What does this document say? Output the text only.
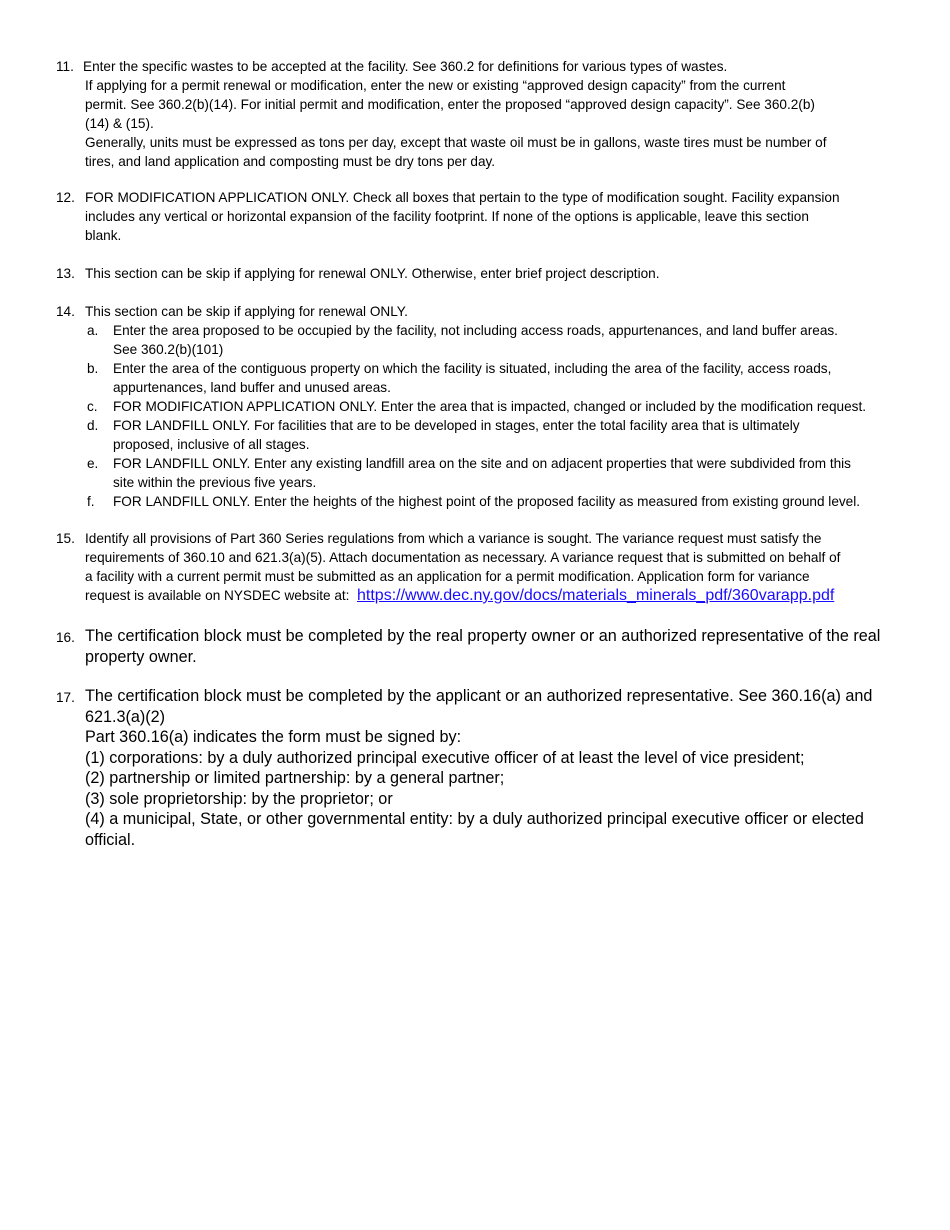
11. Enter the specific wastes to be accepted at the facility. See 360.2 for definitions for various types of wastes.
If applying for a permit renewal or modification, enter the new or existing “approved design capacity” from the current
permit. See 360.2(b)(14). For initial permit and modification, enter the proposed “approved design capacity”. See 360.2(b)
(14) & (15).
Generally, units must be expressed as tons per day, except that waste oil must be in gallons, waste tires must be number of
tires, and land application and composting must be dry tons per day.
12. FOR MODIFICATION APPLICATION ONLY. Check all boxes that pertain to the type of modification sought. Facility expansion
includes any vertical or horizontal expansion of the facility footprint. If none of the options is applicable, leave this section
blank.
13. This section can be skip if applying for renewal ONLY. Otherwise, enter brief project description.
14. This section can be skip if applying for renewal ONLY.
a.	Enter the area proposed to be occupied by the facility, not including access roads, appurtenances, and land buffer areas.
See 360.2(b)(101)
b.	Enter the area of the contiguous property on which the facility is situated, including the area of the facility, access roads,
appurtenances, land buffer and unused areas.
c.	FOR MODIFICATION APPLICATION ONLY. Enter the area that is impacted, changed or included by the modification request.
d.	FOR LANDFILL ONLY. For facilities that are to be developed in stages, enter the total facility area that is ultimately
proposed, inclusive of all stages.
e.	FOR LANDFILL ONLY. Enter any existing landfill area on the site and on adjacent properties that were subdivided from this
site within the previous five years.
f.	FOR LANDFILL ONLY. Enter the heights of the highest point of the proposed facility as measured from existing ground level.
15. Identify all provisions of Part 360 Series regulations from which a variance is sought. The variance request must satisfy the
requirements of 360.10 and 621.3(a)(5). Attach documentation as necessary. A variance request that is submitted on behalf of
a facility with a current permit must be submitted as an application for a permit modification. Application form for variance
request is available on NYSDEC website at:  https://www.dec.ny.gov/docs/materials_minerals_pdf/360varapp.pdf
16. The certification block must be completed by the real property owner or an authorized representative of the real
property owner.
17. The certification block must be completed by the applicant or an authorized representative. See 360.16(a) and
621.3(a)(2)
Part 360.16(a) indicates the form must be signed by:
(1) corporations: by a duly authorized principal executive officer of at least the level of vice president;
(2) partnership or limited partnership: by a general partner;
(3) sole proprietorship: by the proprietor; or
(4) a municipal, State, or other governmental entity: by a duly authorized principal executive officer or elected
official.
